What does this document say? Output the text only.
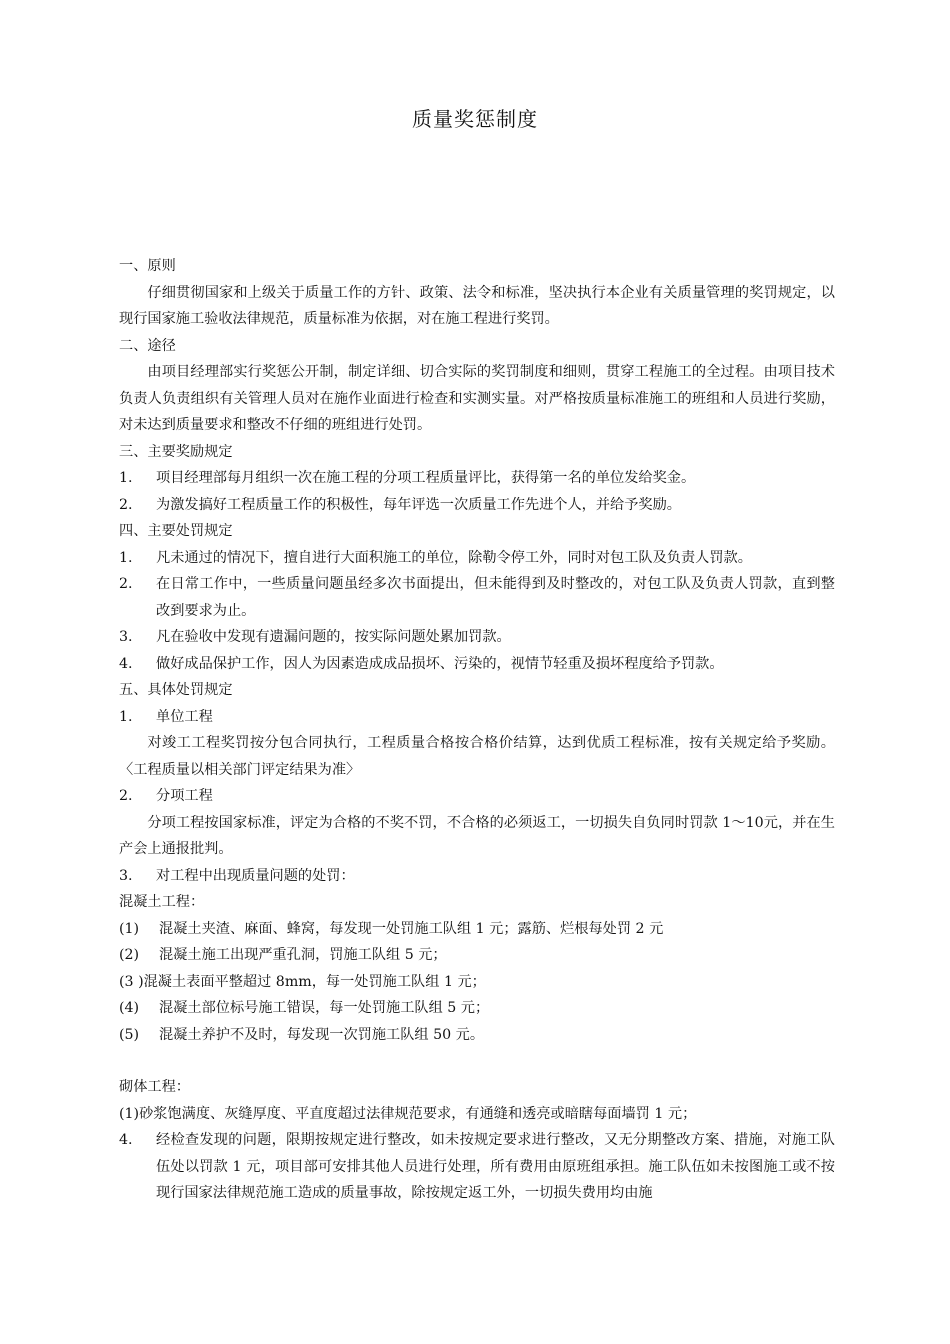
质量奖惩制度

一、原则

仔细贯彻国家和上级关于质量工作的方针、政策、法令和标准，坚决执行本企业有关质量管理的奖罚规定，以现行国家施工验收法律规范，质量标准为依据，对在施工程进行奖罚。

二、途径

由项目经理部实行奖惩公开制，制定详细、切合实际的奖罚制度和细则，贯穿工程施工的全过程。由项目技术负责人负责组织有关管理人员对在施作业面进行检查和实测实量。对严格按质量标准施工的班组和人员进行奖励，对未达到质量要求和整改不仔细的班组进行处罚。

三、主要奖励规定

1.	项目经理部每月组织一次在施工程的分项工程质量评比，获得第一名的单位发给奖金。
2.	为激发搞好工程质量工作的积极性，每年评选一次质量工作先进个人，并给予奖励。

四、主要处罚规定

1.	凡未通过的情况下，擅自进行大面积施工的单位，除勒令停工外，同时对包工队及负责人罚款。
2.	在日常工作中，一些质量问题虽经多次书面提出，但未能得到及时整改的，对包工队及负责人罚款，直到整改到要求为止。
3.	凡在验收中发现有遗漏问题的，按实际问题处累加罚款。
4.	做好成品保护工作，因人为因素造成成品损坏、污染的，视情节轻重及损坏程度给予罚款。

五、具体处罚规定

1.	单位工程

对竣工工程奖罚按分包合同执行，工程质量合格按合格价结算，达到优质工程标准，按有关规定给予奖励。〈工程质量以相关部门评定结果为准〉

2.	分项工程

分项工程按国家标准，评定为合格的不奖不罚，不合格的必须返工，一切损失自负同时罚款 1〜10元，并在生产会上通报批判。

3.	对工程中出现质量问题的处罚：

混凝土工程：

(1)	混凝土夹渣、麻面、蜂窝，每发现一处罚施工队组 1 元；露筋、烂根每处罚 2 元
(2)	混凝土施工出现严重孔洞，罚施工队组 5 元；
(3 ) 混凝土表面平整超过 8mm，每一处罚施工队组 1 元；
(4)	混凝土部位标号施工错误，每一处罚施工队组 5 元；
(5)	混凝土养护不及时，每发现一次罚施工队组 50 元。

砌体工程：

(1)砂浆饱满度、灰缝厚度、平直度超过法律规范要求，有通缝和透亮或暗瞎每面墙罚 1 元；

4.	经检查发现的问题，限期按规定进行整改，如未按规定要求进行整改，又无分期整改方案、措施，对施工队伍处以罚款 1 元，项目部可安排其他人员进行处理，所有费用由原班组承担。施工队伍如未按图施工或不按现行国家法律规范施工造成的质量事故，除按规定返工外，一切损失费用均由施
